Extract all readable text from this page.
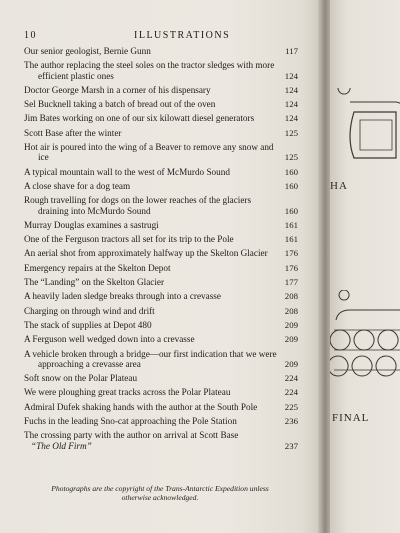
10	ILLUSTRATIONS
Our senior geologist, Bernie Gunn	117
The author replacing the steel soles on the tractor sledges with more efficient plastic ones	124
Doctor George Marsh in a corner of his dispensary	124
Sel Bucknell taking a batch of bread out of the oven	124
Jim Bates working on one of our six kilowatt diesel generators	124
Scott Base after the winter	125
Hot air is poured into the wing of a Beaver to remove any snow and ice	125
A typical mountain wall to the west of McMurdo Sound	160
A close shave for a dog team	160
Rough travelling for dogs on the lower reaches of the glaciers draining into McMurdo Sound	160
Murray Douglas examines a sastrugi	161
One of the Ferguson tractors all set for its trip to the Pole	161
An aerial shot from approximately halfway up the Skelton Glacier	176
Emergency repairs at the Skelton Depot	176
The “Landing” on the Skelton Glacier	177
A heavily laden sledge breaks through into a crevasse	208
Charging on through wind and drift	208
The stack of supplies at Depot 480	209
A Ferguson well wedged down into a crevasse	209
A vehicle broken through a bridge—our first indication that we were approaching a crevasse area	209
Soft snow on the Polar Plateau	224
We were ploughing great tracks across the Polar Plateau	224
Admiral Dufek shaking hands with the author at the South Pole	225
Fuchs in the leading Sno-cat approaching the Pole Station	236
The crossing party with the author on arrival at Scott Base
“The Old Firm”	237
Photographs are the copyright of the Trans-Antarctic Expedition unless otherwise acknowledged.
HA
FINAL
